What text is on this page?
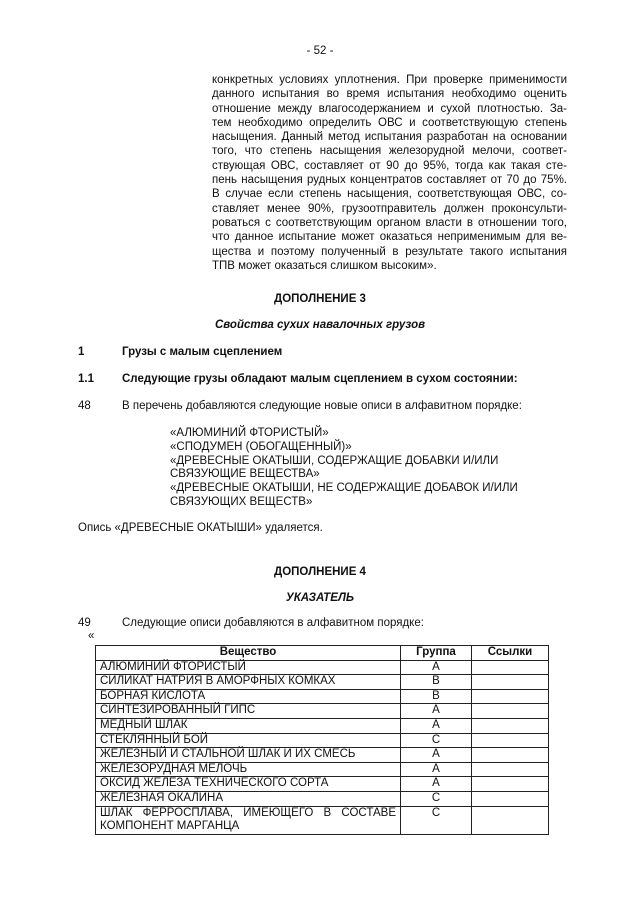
- 52 -

конкретных условиях уплотнения. При проверке применимости

данного испытания во время испытания необходимо оценить

отношение между влагосодержанием и сухой плотностью. За-

тем необходимо определить ОВС и соответствующую степень

насыщения. Данный метод испытания разработан на основании

того, что степень насыщения железорудной мелочи, соответ-

ствующая ОВС, составляет от 90 до 95%, тогда как такая сте-

пень насыщения рудных концентратов составляет от 70 до 75%.

В случае если степень насыщения, соответствующая ОВС, со-

ставляет менее 90%, грузоотправитель должен проконсульти-

роваться с соответствующим органом власти в отношении того,

что данное испытание может оказаться неприменимым для ве-

щества и поэтому полученный в результате такого испытания

ТПВ может оказаться слишком высоким».

ДОПОЛНЕНИЕ 3
Свойства сухих навалочных грузов
1	Грузы с малым сцеплением
1.1 Следующие грузы обладают малым сцеплением в сухом состоянии:
48	В перечень добавляются следующие новые описи в алфавитном порядке:
«АЛЮМИНИЙ ФТОРИСТЫЙ»
«СПОДУМЕН (ОБОГАЩЕННЫЙ)»
«ДРЕВЕСНЫЕ ОКАТЫШИ, СОДЕРЖАЩИЕ ДОБАВКИ И/ИЛИ
СВЯЗУЮЩИЕ ВЕЩЕСТВА»
«ДРЕВЕСНЫЕ ОКАТЫШИ, НЕ СОДЕРЖАЩИЕ ДОБАВОК И/ИЛИ
СВЯЗУЮЩИХ ВЕЩЕСТВ»
Опись «ДРЕВЕСНЫЕ ОКАТЫШИ» удаляется.
ДОПОЛНЕНИЕ 4
УКАЗАТЕЛЬ
49	Следующие описи добавляются в алфавитном порядке:
«
Вещество	Группа	Ссылки
АЛЮМИНИЙ ФТОРИСТЫЙ	A	
СИЛИКАТ НАТРИЯ В АМОРФНЫХ КОМКАХ	B	
БОРНАЯ КИСЛОТА	B	
СИНТЕЗИРОВАННЫЙ ГИПС	A	
МЕДНЫЙ ШЛАК	A	
СТЕКЛЯННЫЙ БОЙ	C	
ЖЕЛЕЗНЫЙ И СТАЛЬНОЙ ШЛАК И ИХ СМЕСЬ	A	
ЖЕЛЕЗОРУДНАЯ МЕЛОЧЬ	A	
ОКСИД ЖЕЛЕЗА ТЕХНИЧЕСКОГО СОРТА	A	
ЖЕЛЕЗНАЯ ОКАЛИНА	C	
ШЛАК ФЕРРОСПЛАВА, ИМЕЮЩЕГО В СОСТАВЕ КОМПОНЕНТ МАРГАНЦА	C	
